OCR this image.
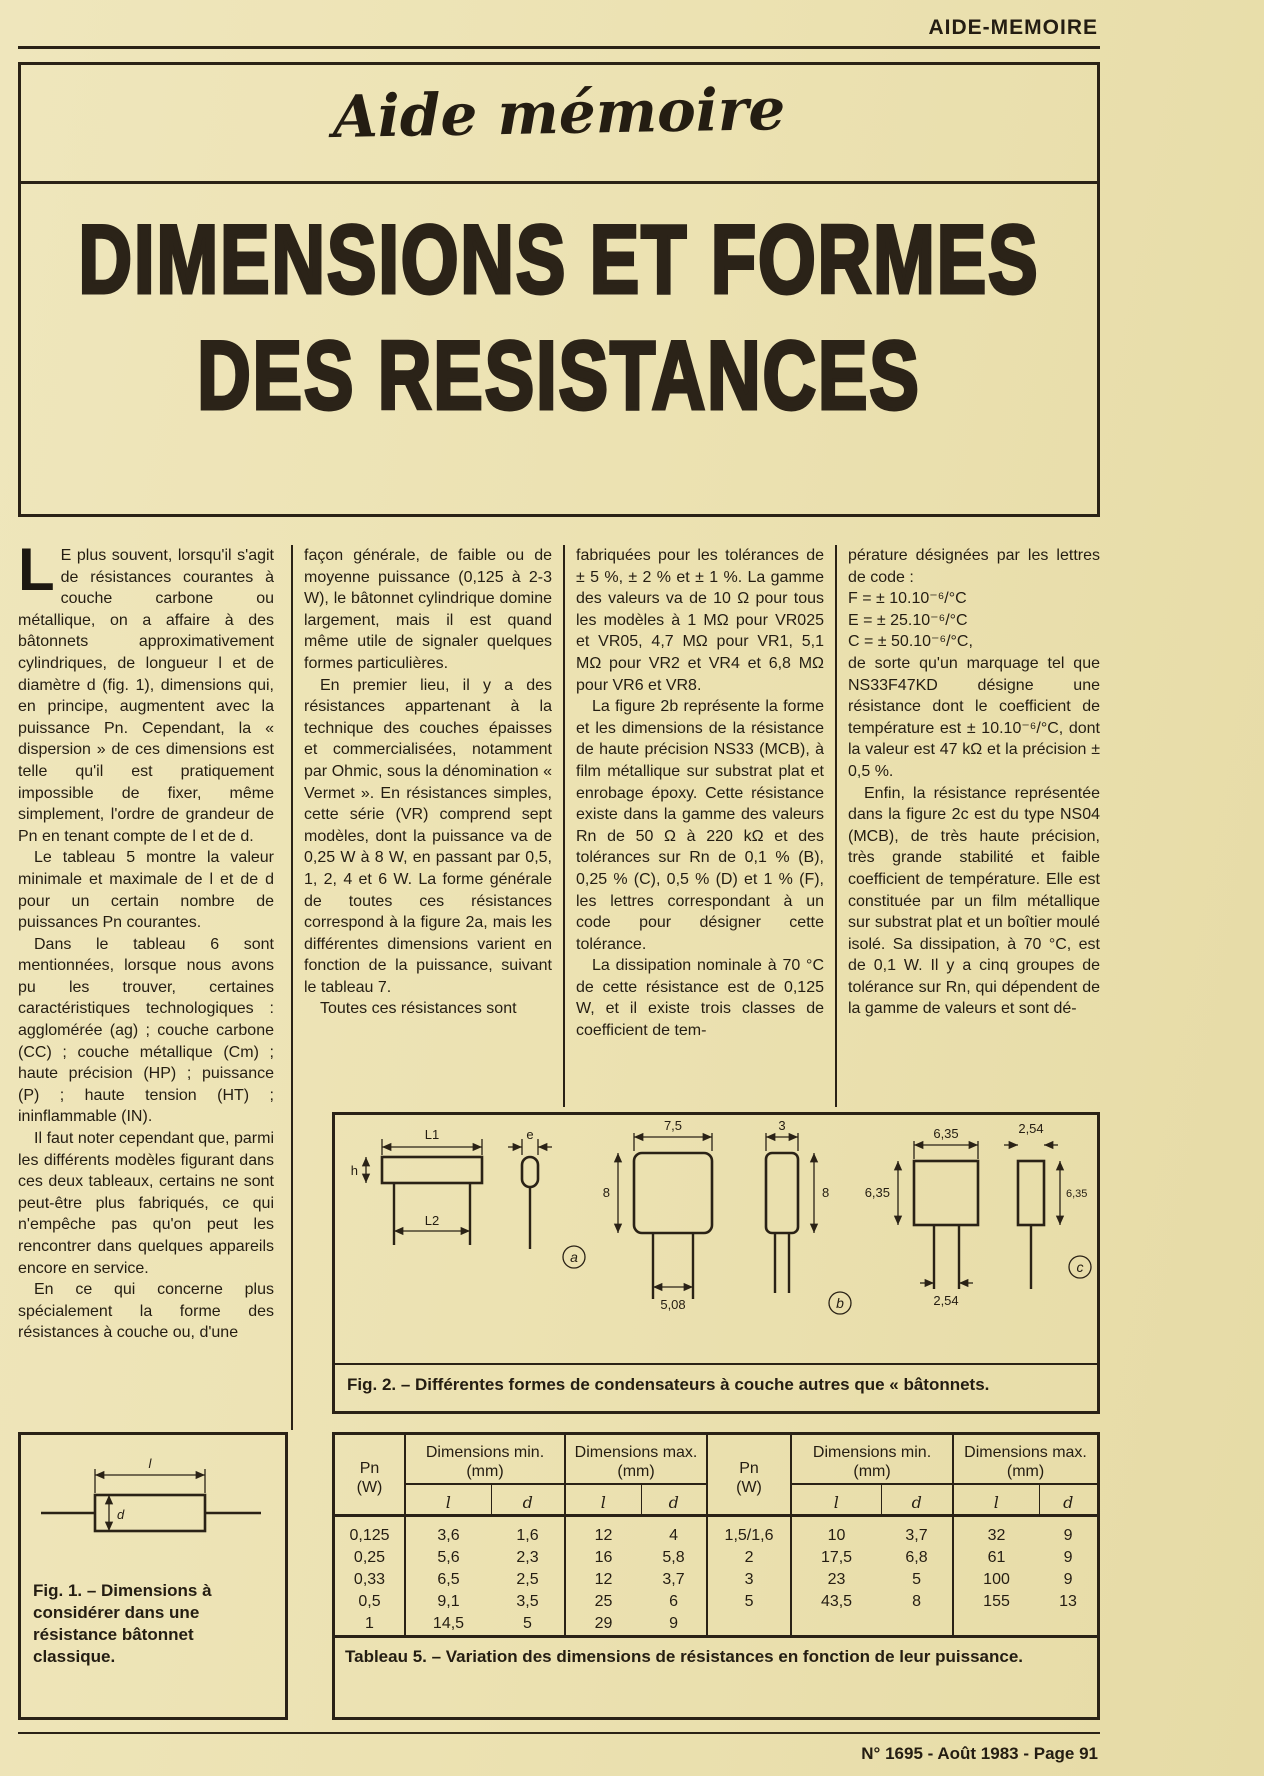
AIDE-MEMOIRE
Aide mémoire
DIMENSIONS ET FORMES
DES RESISTANCES

L E plus souvent, lorsqu'il s'agit de résistances courantes à couche carbone ou métallique, on a affaire à des bâtonnets approximativement cylindriques, de longueur l et de diamètre d (fig. 1), dimensions qui, en principe, augmentent avec la puissance Pn. Cependant, la « dispersion » de ces dimensions est telle qu'il est pratiquement impossible de fixer, même simplement, l'ordre de grandeur de Pn en tenant compte de l et de d.

Le tableau 5 montre la valeur minimale et maximale de l et de d pour un certain nombre de puissances Pn courantes.

Dans le tableau 6 sont mentionnées, lorsque nous avons pu les trouver, certaines caractéristiques technologiques : agglomérée (ag) ; couche carbone (CC) ; couche métallique (Cm) ; haute précision (HP) ; puissance (P) ; haute tension (HT) ; ininflammable (IN).

Il faut noter cependant que, parmi les différents modèles figurant dans ces deux tableaux, certains ne sont peut-être plus fabriqués, ce qui n'empêche pas qu'on peut les rencontrer dans quelques appareils encore en service.

En ce qui concerne plus spécialement la forme des résistances à couche ou, d'une

façon générale, de faible ou de moyenne puissance (0,125 à 2-3 W), le bâtonnet cylindrique domine largement, mais il est quand même utile de signaler quelques formes particulières.

En premier lieu, il y a des résistances appartenant à la technique des couches épaisses et commercialisées, notamment par Ohmic, sous la dénomination « Vermet ». En résistances simples, cette série (VR) comprend sept modèles, dont la puissance va de 0,25 W à 8 W, en passant par 0,5, 1, 2, 4 et 6 W. La forme générale de toutes ces résistances correspond à la figure 2a, mais les différentes dimensions varient en fonction de la puissance, suivant le tableau 7.

Toutes ces résistances sont

fabriquées pour les tolérances de ± 5 %, ± 2 % et ± 1 %. La gamme des valeurs va de 10 Ω pour tous les modèles à 1 MΩ pour VR025 et VR05, 4,7 MΩ pour VR1, 5,1 MΩ pour VR2 et VR4 et 6,8 MΩ pour VR6 et VR8.

La figure 2b représente la forme et les dimensions de la résistance de haute précision NS33 (MCB), à film métallique sur substrat plat et enrobage époxy. Cette résistance existe dans la gamme des valeurs Rn de 50 Ω à 220 kΩ et des tolérances sur Rn de 0,1 % (B), 0,25 % (C), 0,5 % (D) et 1 % (F), les lettres correspondant à un code pour désigner cette tolérance.

La dissipation nominale à 70 °C de cette résistance est de 0,125 W, et il existe trois classes de coefficient de tem-

pérature désignées par les lettres de code :

F = ± 10.10⁻⁶/°C

E = ± 25.10⁻⁶/°C

C = ± 50.10⁻⁶/°C,

de sorte qu'un marquage tel que NS33F47KD désigne une résistance dont le coefficient de température est ± 10.10⁻⁶/°C, dont la valeur est 47 kΩ et la précision ± 0,5 %.

Enfin, la résistance représentée dans la figure 2c est du type NS04 (MCB), de très haute précision, très grande stabilité et faible coefficient de température. Elle est constituée par un film métallique sur substrat plat et un boîtier moulé isolé. Sa dissipation, à 70 °C, est de 0,1 W. Il y a cinq groupes de tolérance sur Rn, qui dépendent de la gamme de valeurs et sont dé-

L1
h
L2
e
a
7,5
8
5,08
3
8
b
6,35
6,35
2,54
2,54
6,35
c
Fig. 2. – Différentes formes de condensateurs à couche autres que « bâtonnets.
l
d
Fig. 1. – Dimensions à considérer dans une résistance bâtonnet classique.
Pn
(W)
	Dimensions min. (mm)	Dimensions max. (mm)	Pn
(W)
	Dimensions min. (mm)	Dimensions max. (mm)
	l	d	l	d		l	d	l	d
0,125	3,6	1,6	12	4	1,5/1,6	10	3,7	32	9
0,25	5,6	2,3	16	5,8	2	17,5	6,8	61	9
0,33	6,5	2,5	12	3,7	3	23	5	100	9
0,5	9,1	3,5	25	6	5	43,5	8	155	13
1	14,5	5	29	9					
Tableau 5. – Variation des dimensions de résistances en fonction de leur puissance.
N° 1695 - Août 1983 - Page 91
